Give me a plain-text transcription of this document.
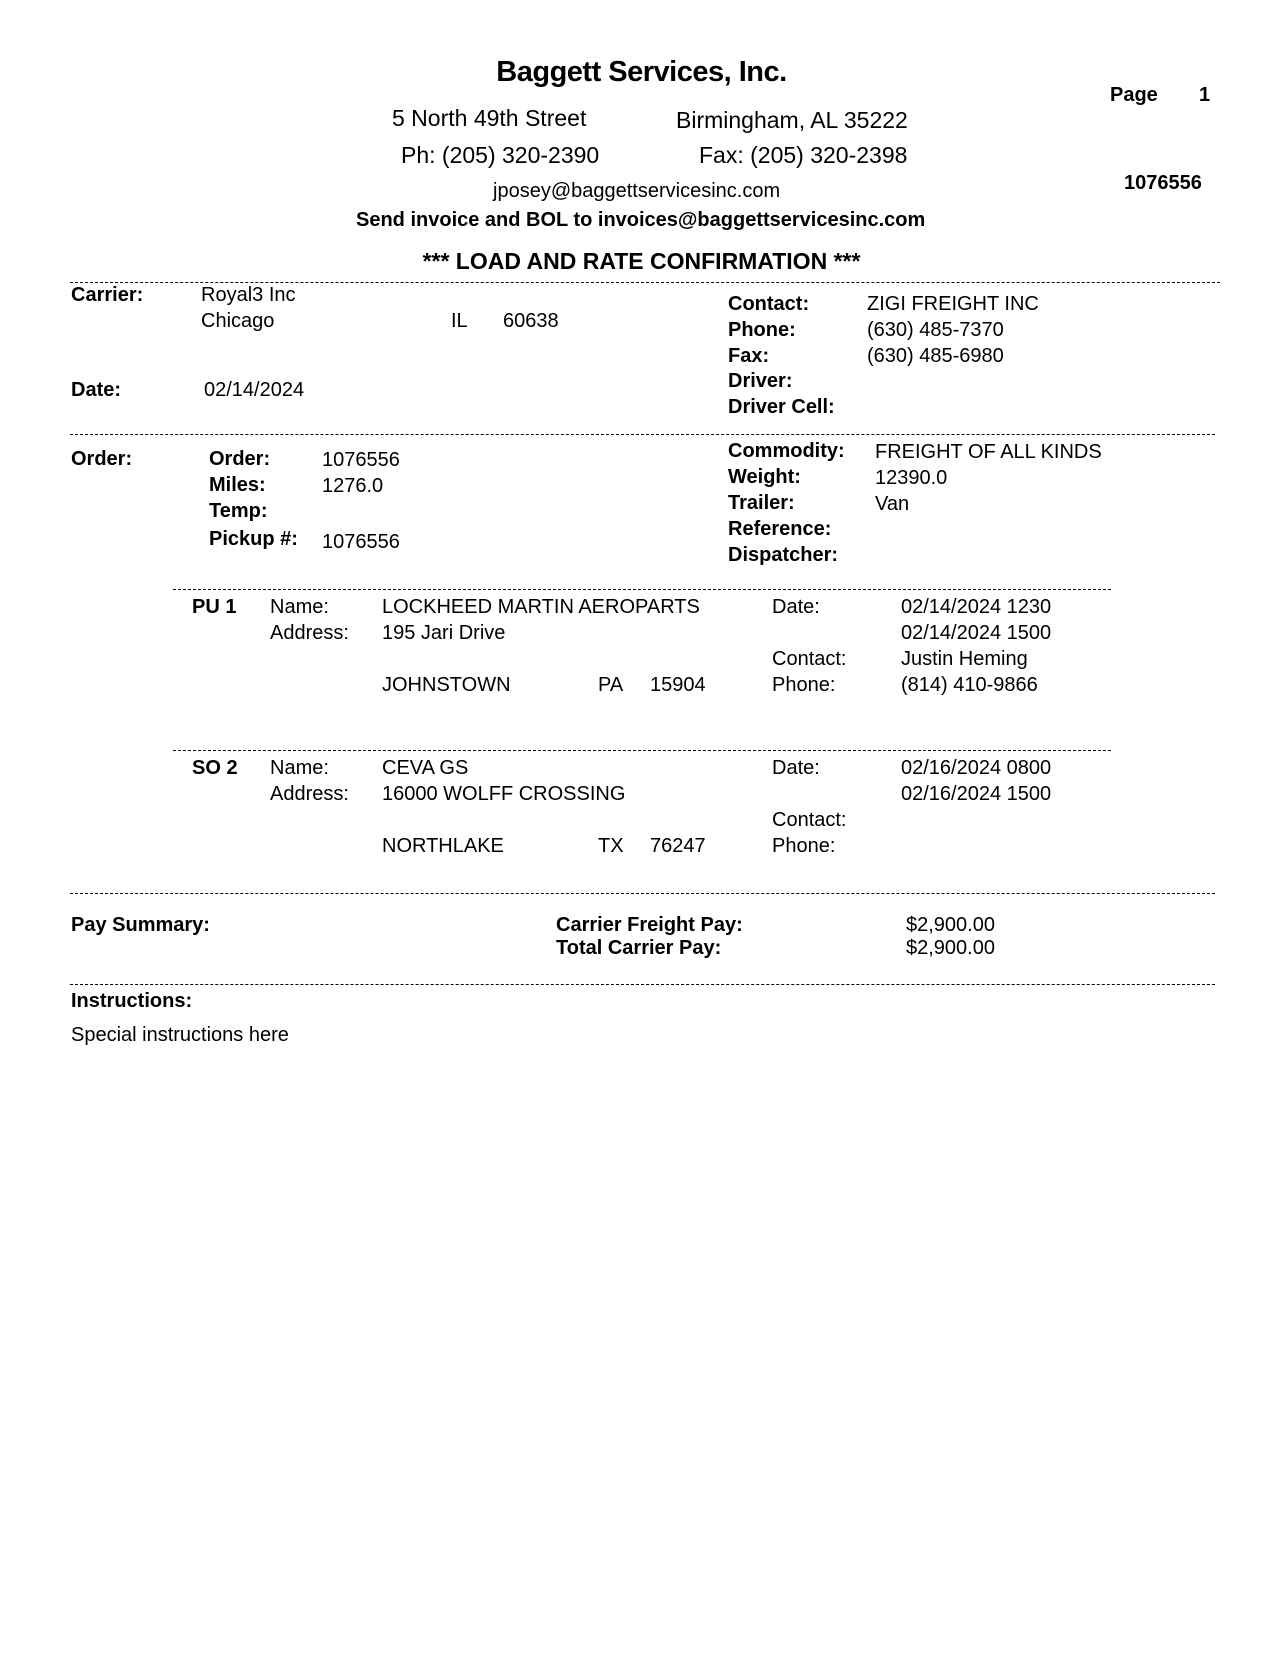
Baggett Services, Inc.
5 North 49th Street	Birmingham, AL 35222
Ph: (205) 320-2390	Fax: (205) 320-2398
jposey@baggettservicesinc.com
Send invoice and BOL to invoices@baggettservicesinc.com
*** LOAD AND RATE CONFIRMATION ***
Page 1
1076556
Carrier:	Royal3 Inc
Chicago	IL 60638
Date:	02/14/2024
Contact:	ZIGI FREIGHT INC
Phone:	(630) 485-7370
Fax:	(630) 485-6980
Driver:
Driver Cell:
Order:	Order:	1076556
Miles:	1276.0
Temp:
Pickup #: 1076556
Commodity: FREIGHT OF ALL KINDS
Weight:	12390.0
Trailer:	Van
Reference:
Dispatcher:
PU 1 Name:	LOCKHEED MARTIN AEROPARTS
Address: 195 Jari Drive
JOHNSTOWN	PA 15904
Date:	02/14/2024 1230
02/14/2024 1500
Contact:	Justin Heming
Phone:	(814) 410-9866
SO 2 Name:	CEVA GS
Address: 16000 WOLFF CROSSING
NORTHLAKE	TX 76247
Date:	02/16/2024 0800
02/16/2024 1500
Contact:
Phone:
Pay Summary:	Carrier Freight Pay:	$2,900.00
Total Carrier Pay:	$2,900.00
Instructions:
Special instructions here
